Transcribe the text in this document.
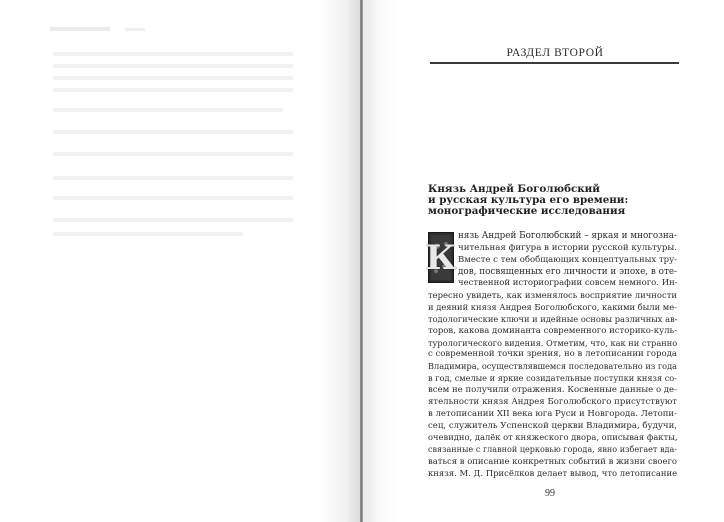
РАЗДЕЛ ВТОРОЙ
Князь Андрей Боголюбский
и русская культура его времени:
монографические исследования
К
нязь Андрей Боголюбский – яркая и многозна-
чительная фигура в истории русской культуры.
Вместе с тем обобщающих концептуальных тру-
дов, посвященных его личности и эпохе, в оте-
чественной историографии совсем немного. Ин-
тересно увидеть, как изменялось восприятие личности
и деяний князя Андрея Боголюбского, какими были ме-
тодологические ключи и идейные основы различных ав-
торов, какова доминанта современного историко-куль-
турологического видения. Отметим, что, как ни странно
с современной точки зрения, но в летописании города
Владимира, осуществлявшемся последовательно из года
в год, смелые и яркие созидательные поступки князя со-
всем не получили отражения. Косвенные данные о де-
ятельности князя Андрея Боголюбского присутствуют
в летописании XII века юга Руси и Новгорода. Летопи-
сец, служитель Успенской церкви Владимира, будучи,
очевидно, далёк от княжеского двора, описывая факты,
связанные с главной церковью города, явно избегает вда-
ваться в описание конкретных событий в жизни своего
князя. М. Д. Присёлков делает вывод, что летописание
99
